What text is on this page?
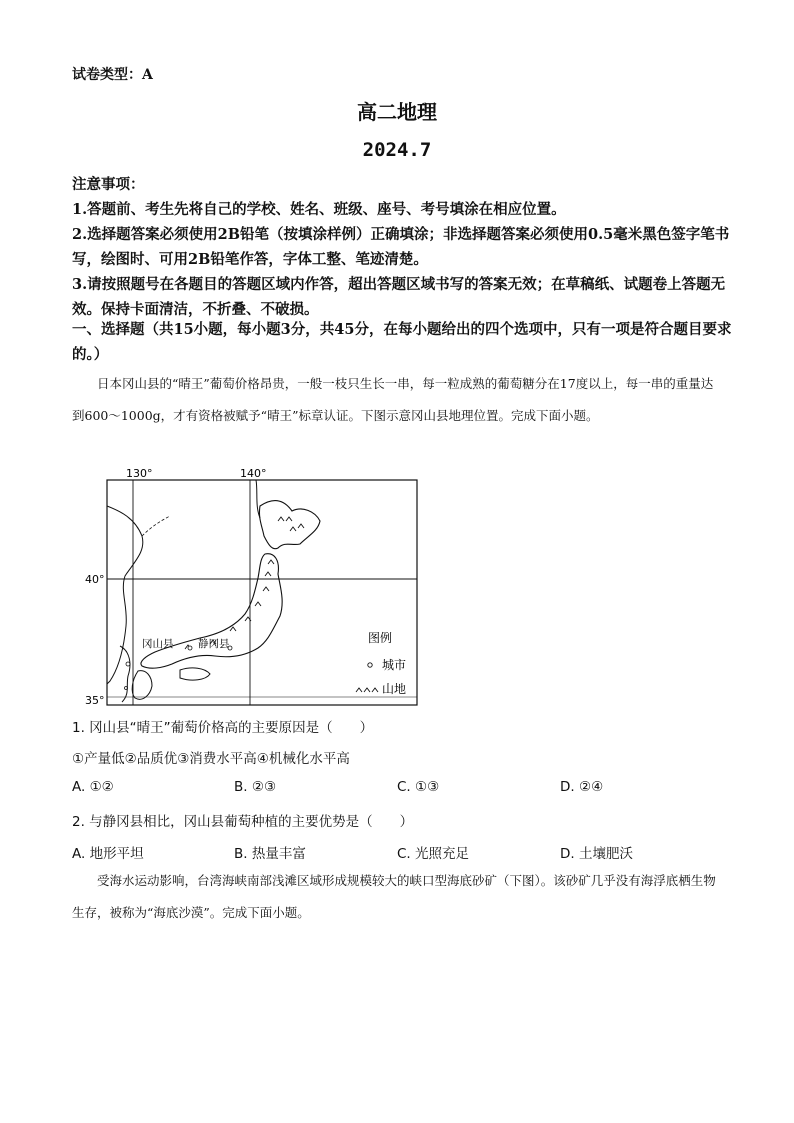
试卷类型：A
高二地理
2024.7

注意事项：

1.答题前、考生先将自己的学校、姓名、班级、座号、考号填涂在相应位置。

2.选择题答案必须使用2B铅笔（按填涂样例）正确填涂；非选择题答案必须使用0.5毫米黑色签字笔书写，绘图时、可用2B铅笔作答，字体工整、笔迹清楚。

3.请按照题号在各题目的答题区域内作答，超出答题区域书写的答案无效；在草稿纸、试题卷上答题无效。保持卡面清洁，不折叠、不破损。

一、选择题（共15小题，每小题3分，共45分，在每小题给出的四个选项中，只有一项是符合题目要求的。）
日本冈山县的“晴王”葡萄价格昂贵，一般一枝只生长一串，每一粒成熟的葡萄糖分在17度以上，每一串的重量达到600～1000g，才有资格被赋予“晴王”标章认证。下图示意冈山县地理位置。完成下面小题。
130°	140°
40°
35°
冈山县 静冈县	图例
城市
山地
1. 冈山县“晴王”葡萄价格高的主要原因是（　　）
①产量低②品质优③消费水平高④机械化水平高
A. ①②	B. ②③	C. ①③	D. ②④
2. 与静冈县相比，冈山县葡萄种植的主要优势是（　　）
A. 地形平坦	B. 热量丰富	C. 光照充足	D. 土壤肥沃
受海水运动影响，台湾海峡南部浅滩区域形成规模较大的峡口型海底砂矿（下图）。该砂矿几乎没有海浮底栖生物生存，被称为“海底沙漠”。完成下面小题。
